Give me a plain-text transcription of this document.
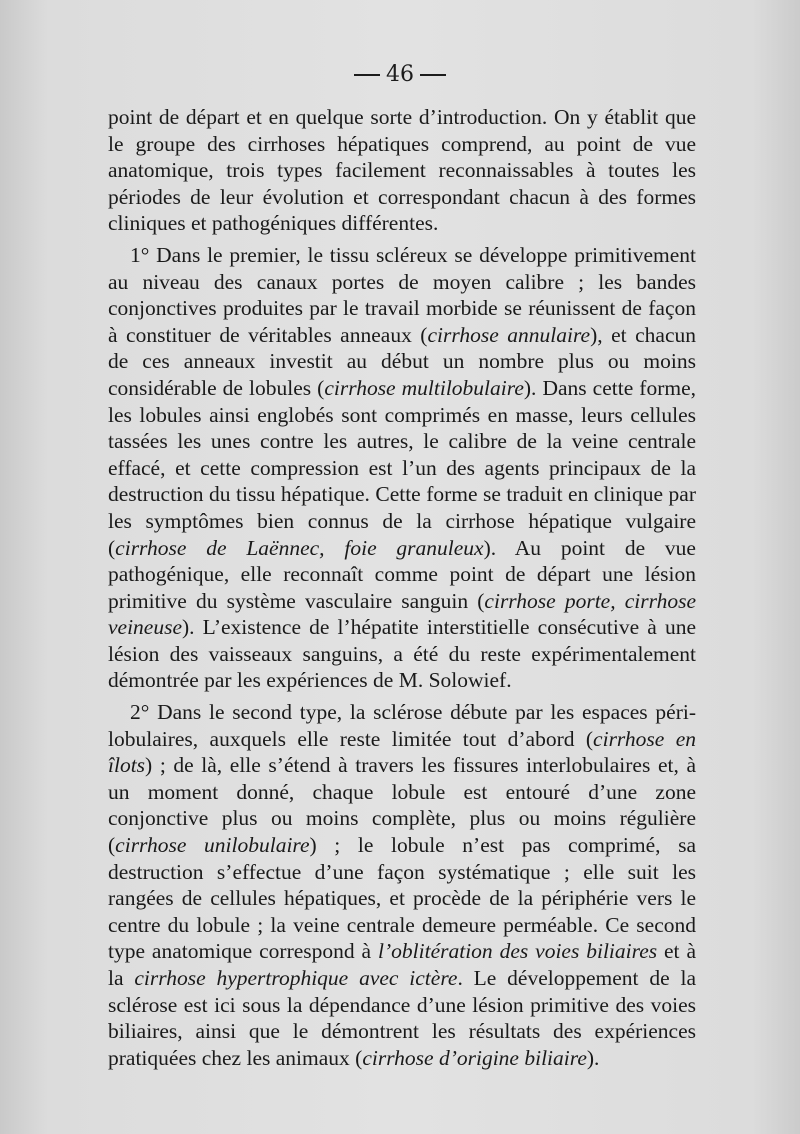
46

point de départ et en quelque sorte d’introduction. On y établit que le groupe des cirrhoses hépatiques comprend, au point de vue anatomique, trois types facilement reconnaissables à toutes les périodes de leur évolution et correspondant chacun à des formes cliniques et pathogéniques différentes.

1° Dans le premier, le tissu scléreux se développe primitivement au niveau des canaux portes de moyen calibre ; les bandes conjonctives produites par le travail morbide se réunissent de façon à constituer de véritables anneaux (cirrhose annulaire), et chacun de ces anneaux investit au début un nombre plus ou moins considérable de lobules (cirrhose multilobulaire). Dans cette forme, les lobules ainsi englobés sont comprimés en masse, leurs cellules tassées les unes contre les autres, le calibre de la veine centrale effacé, et cette compression est l’un des agents principaux de la destruction du tissu hépatique. Cette forme se traduit en clinique par les symptômes bien connus de la cirrhose hépatique vulgaire (cirrhose de Laënnec, foie granuleux). Au point de vue pathogénique, elle reconnaît comme point de départ une lésion primitive du système vasculaire sanguin (cirrhose porte, cirrhose veineuse). L’existence de l’hépatite interstitielle consécutive à une lésion des vaisseaux sanguins, a été du reste expérimentalement démontrée par les expériences de M. Solowief.

2° Dans le second type, la sclérose débute par les espaces péri-lobulaires, auxquels elle reste limitée tout d’abord (cirrhose en îlots) ; de là, elle s’étend à travers les fissures interlobulaires et, à un moment donné, chaque lobule est entouré d’une zone conjonctive plus ou moins complète, plus ou moins régulière (cirrhose unilobulaire) ; le lobule n’est pas comprimé, sa destruction s’effectue d’une façon systématique ; elle suit les rangées de cellules hépatiques, et procède de la périphérie vers le centre du lobule ; la veine centrale demeure perméable. Ce second type anatomique correspond à l’oblitération des voies biliaires et à la cirrhose hypertrophique avec ictère. Le développement de la sclérose est ici sous la dépendance d’une lésion primitive des voies biliaires, ainsi que le démontrent les résultats des expériences pratiquées chez les animaux (cirrhose d’origine biliaire).
